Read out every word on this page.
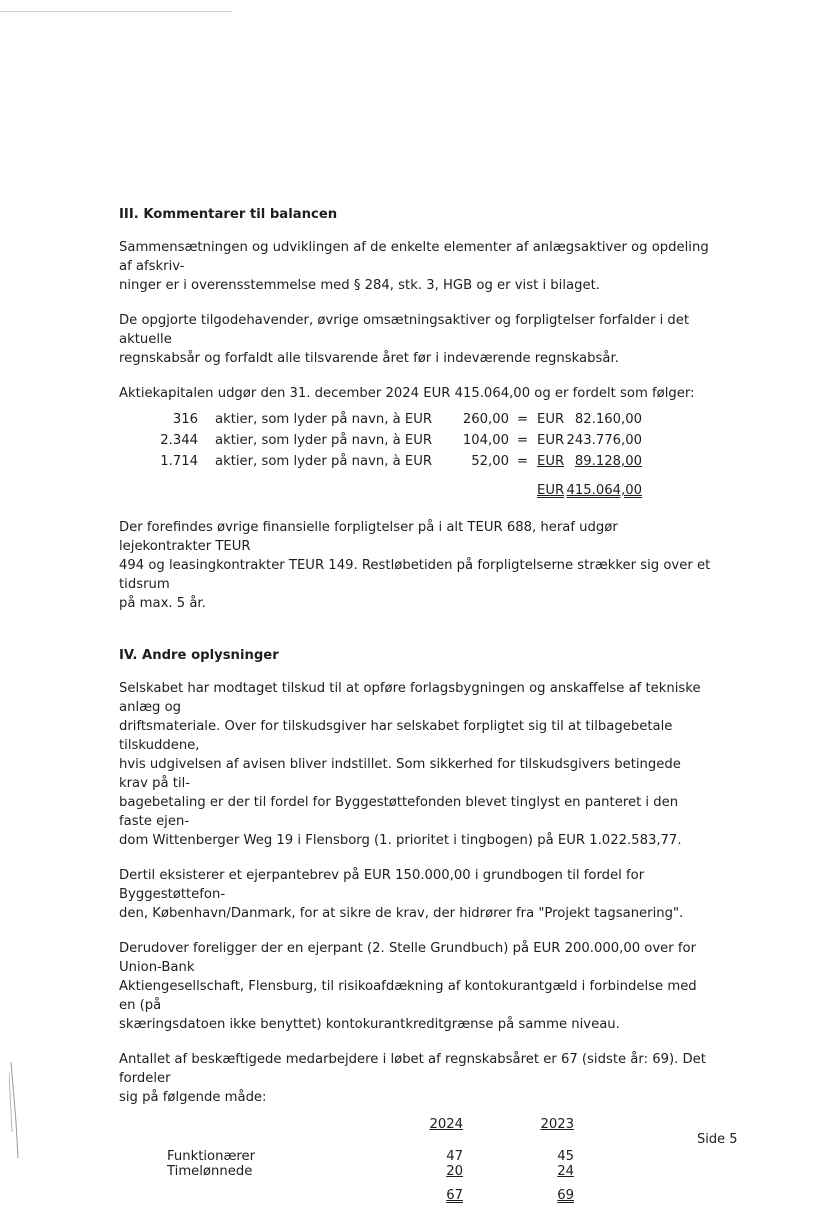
III. Kommentarer til balancen

Sammensætningen og udviklingen af de enkelte elementer af anlægsaktiver og opdeling af afskriv-
ninger er i overensstemmelse med § 284, stk. 3, HGB og er vist i bilaget.
De opgjorte tilgodehavender, øvrige omsætningsaktiver og forpligtelser forfalder i det aktuelle
regnskabsår og forfaldt alle tilsvarende året før i indeværende regnskabsår.
Aktiekapitalen udgør den 31. december 2024 EUR 415.064,00 og er fordelt som følger:
316 aktier, som lyder på navn, à EUR 260,00 = EUR 82.160,00
2.344 aktier, som lyder på navn, à EUR 104,00 = EUR 243.776,00
1.714 aktier, som lyder på navn, à EUR	52,00 = EUR 89.128,00
EUR 415.064,00
Der forefindes øvrige finansielle forpligtelser på i alt TEUR 688, heraf udgør lejekontrakter TEUR
494 og leasingkontrakter TEUR 149. Restløbetiden på forpligtelserne strækker sig over et tidsrum
på max. 5 år.

IV. Andre oplysninger

Selskabet har modtaget tilskud til at opføre forlagsbygningen og anskaffelse af tekniske anlæg og
driftsmateriale. Over for tilskudsgiver har selskabet forpligtet sig til at tilbagebetale tilskuddene,
hvis udgivelsen af avisen bliver indstillet. Som sikkerhed for tilskudsgivers betingede krav på til-
bagebetaling er der til fordel for Byggestøttefonden blevet tinglyst en panteret i den faste ejen-
dom Wittenberger Weg 19 i Flensborg (1. prioritet i tingbogen) på EUR 1.022.583,77.
Dertil eksisterer et ejerpantebrev på EUR 150.000,00 i grundbogen til fordel for Byggestøttefon-
den, København/Danmark, for at sikre de krav, der hidrører fra "Projekt tagsanering".
Derudover foreligger der en ejerpant (2. Stelle Grundbuch) på EUR 200.000,00 over for Union-Bank
Aktiengesellschaft, Flensburg, til risikoafdækning af kontokurantgæld i forbindelse med en (på
skæringsdatoen ikke benyttet) kontokurantkreditgrænse på samme niveau.
Antallet af beskæftigede medarbejdere i løbet af regnskabsåret er 67 (sidste år: 69). Det fordeler
sig på følgende måde:
2024	2023
Funktionærer	47	45
Timelønnede	20	24
67	69
Side 5
